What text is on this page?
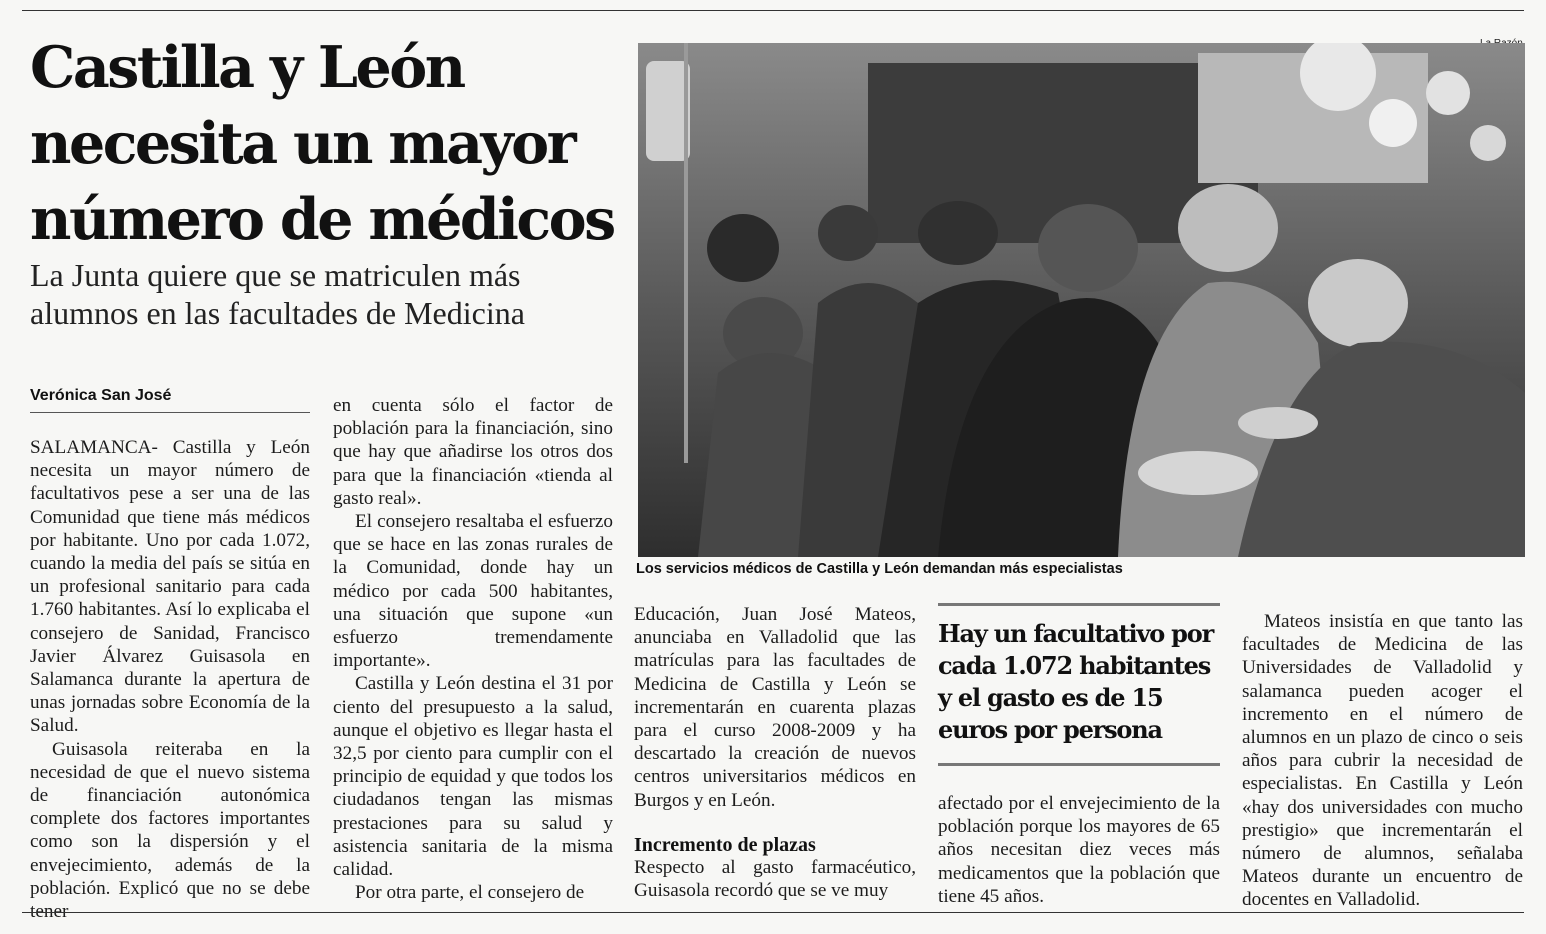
Castilla y León necesita un mayor número de médicos
La Junta quiere que se matriculen más alumnos en las facultades de Medicina
Verónica San José

SALAMANCA- Castilla y León necesita un mayor número de facultativos pese a ser una de las Comunidad que tiene más médicos por habitante. Uno por cada 1.072, cuando la media del país se sitúa en un profesional sanitario para cada 1.760 habitantes. Así lo explicaba el consejero de Sanidad, Francisco Javier Álvarez Guisasola en Salamanca durante la apertura de unas jornadas sobre Economía de la Salud.

Guisasola reiteraba en la necesidad de que el nuevo sistema de financiación autonómica complete dos factores importantes como son la dispersión y el envejecimiento, además de la población. Explicó que no se debe tener

en cuenta sólo el factor de población para la financiación, sino que hay que añadirse los otros dos para que la financiación «tienda al gasto real».

El consejero resaltaba el esfuerzo que se hace en las zonas rurales de la Comunidad, donde hay un médico por cada 500 habitantes, una situación que supone «un esfuerzo tremendamente importante».

Castilla y León destina el 31 por ciento del presupuesto a la salud, aunque el objetivo es llegar hasta el 32,5 por ciento para cumplir con el principio de equidad y que todos los ciudadanos tengan las mismas prestaciones para su salud y asistencia sanitaria de la misma calidad.

Por otra parte, el consejero de

Los servicios médicos de Castilla y León demandan más especialistas

Educación, Juan José Mateos, anunciaba en Valladolid que las matrículas para las facultades de Medicina de Castilla y León se incrementarán en cuarenta plazas para el curso 2008-2009 y ha descartado la creación de nuevos centros universitarios médicos en Burgos y en León.

Incremento de plazas

Respecto al gasto farmacéutico, Guisasola recordó que se ve muy

Hay un facultativo por cada 1.072 habitantes y el gasto es de 15 euros por persona

afectado por el envejecimiento de la población porque los mayores de 65 años necesitan diez veces más medicamentos que la población que tiene 45 años.

Mateos insistía en que tanto las facultades de Medicina de las Universidades de Valladolid y salamanca pueden acoger el incremento en el número de alumnos en un plazo de cinco o seis años para cubrir la necesidad de especialistas. En Castilla y León «hay dos universidades con mucho prestigio» que incrementarán el número de alumnos, señalaba Mateos durante un encuentro de docentes en Valladolid.
